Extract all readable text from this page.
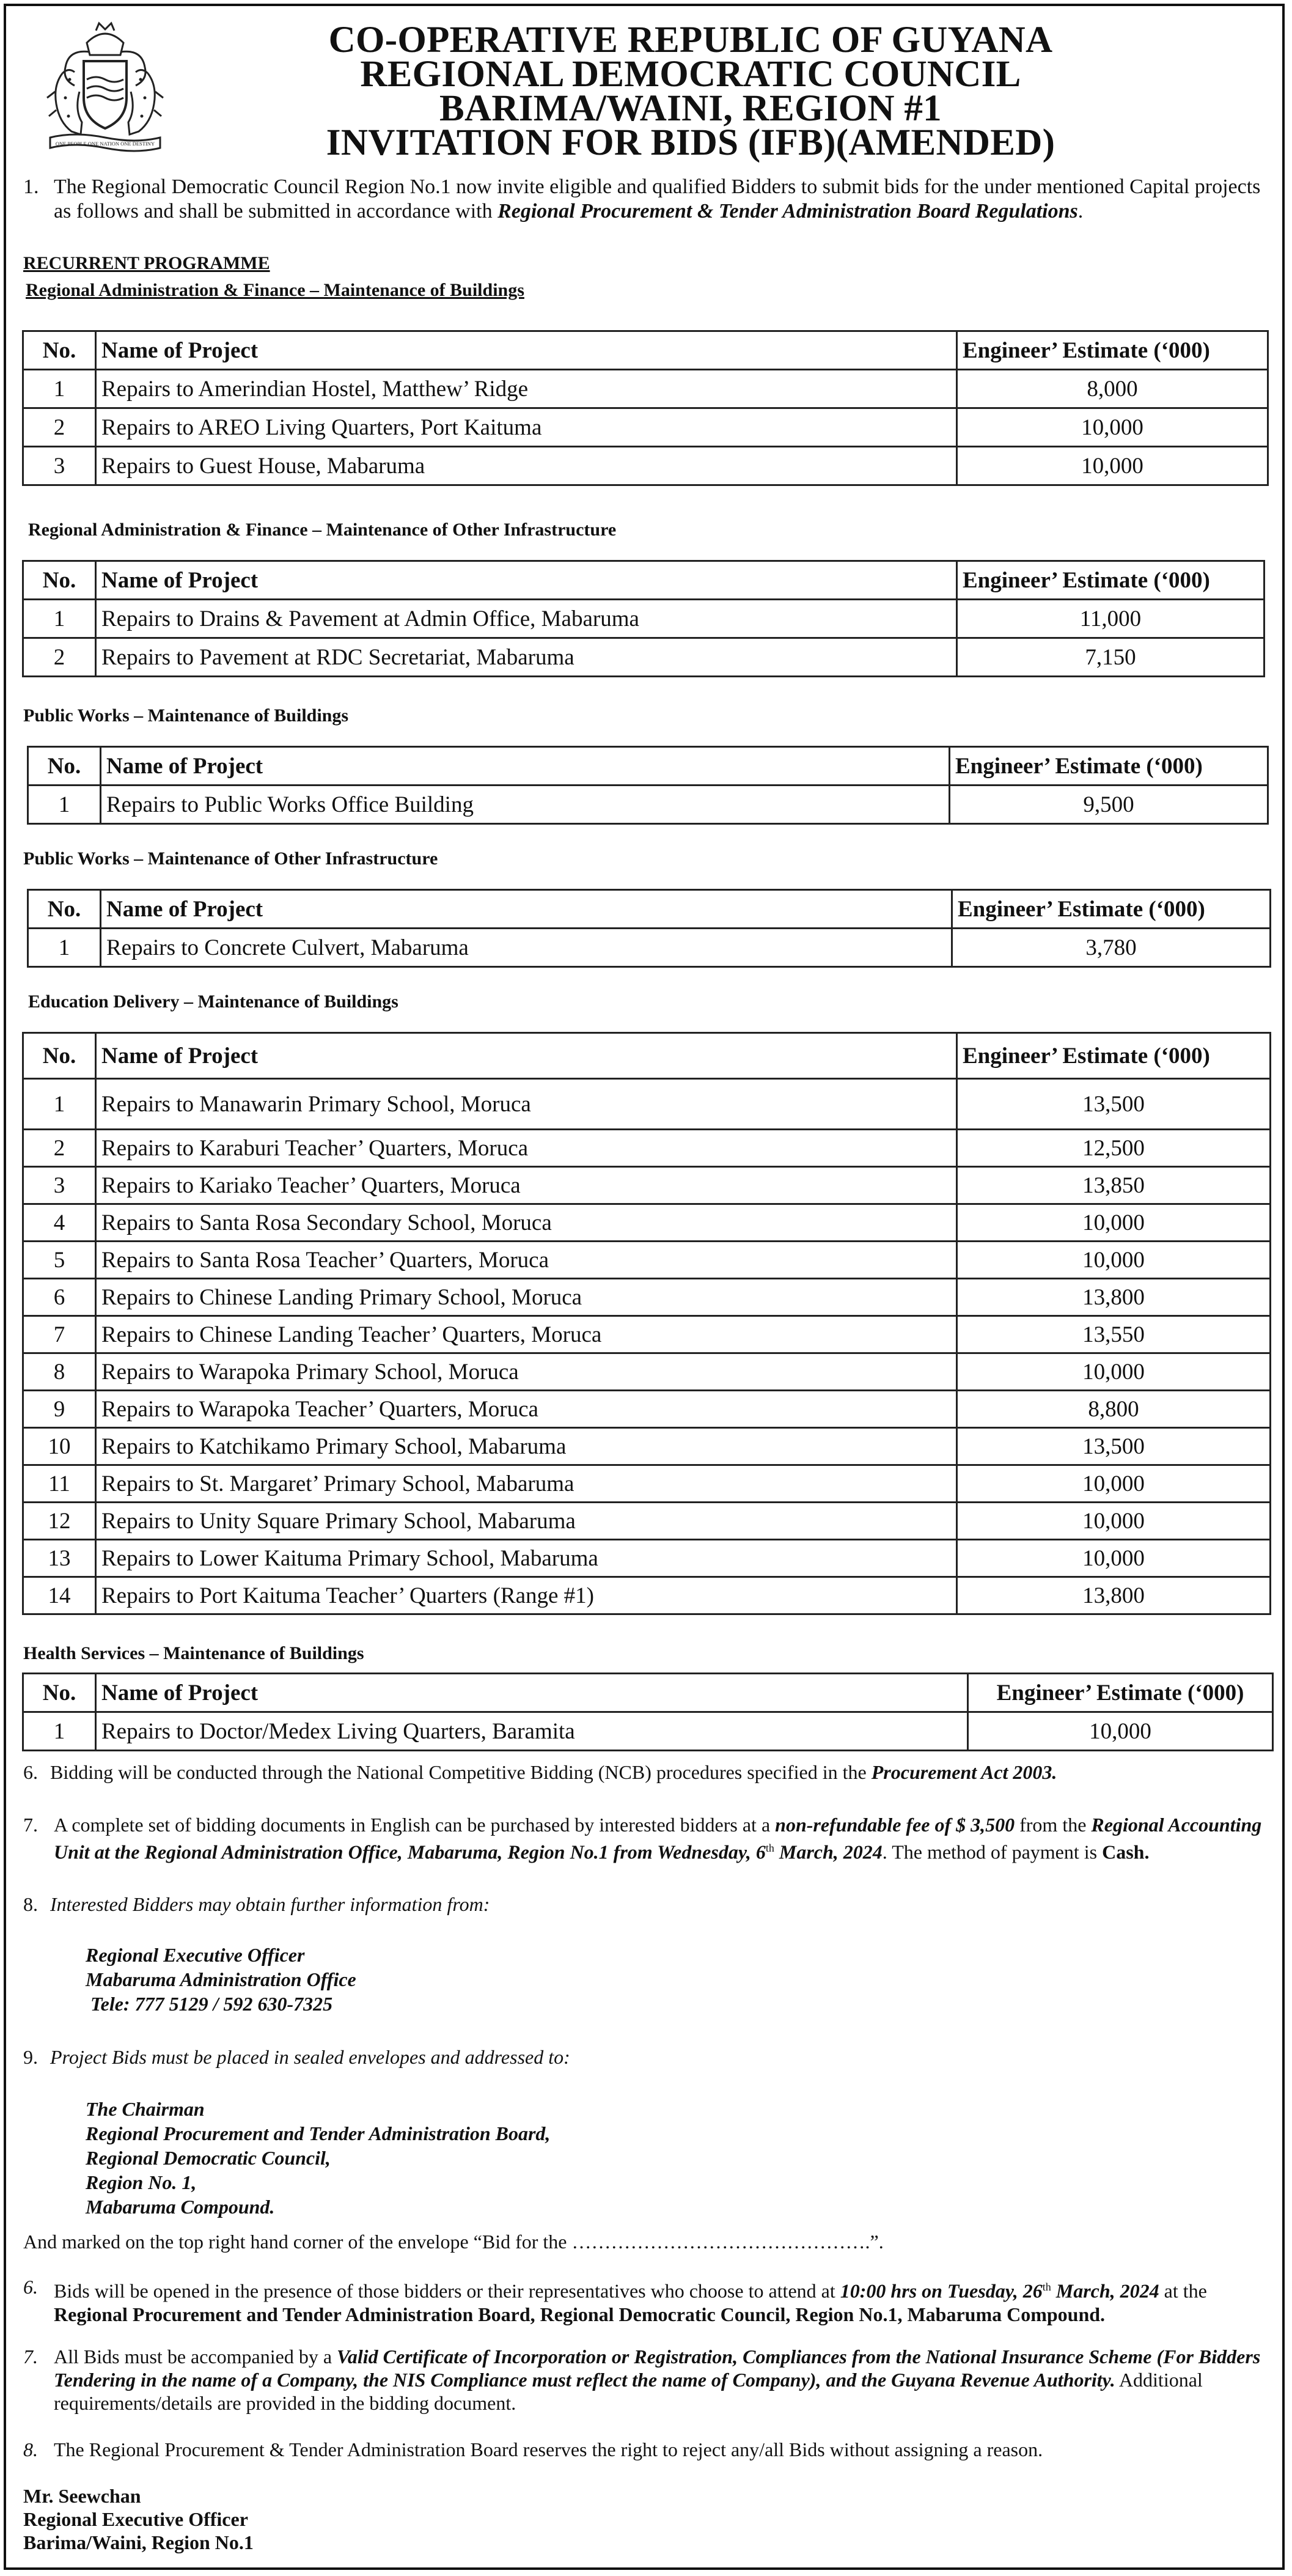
ONE PEOPLE ONE NATION ONE DESTINY
CO-OPERATIVE REPUBLIC OF GUYANA
REGIONAL DEMOCRATIC COUNCIL
BARIMA/WAINI, REGION #1
INVITATION FOR BIDS (IFB)(AMENDED)
1. The Regional Democratic Council Region No.1 now invite eligible and qualified Bidders to submit bids for the under mentioned Capital projects as follows and shall be submitted in accordance with Regional Procurement & Tender Administration Board Regulations.
RECURRENT PROGRAMME
Regional Administration & Finance – Maintenance of Buildings
No.	Name of Project	Engineer’ Estimate (‘000)
1	Repairs to Amerindian Hostel, Matthew’ Ridge	8,000
2	Repairs to AREO Living Quarters, Port Kaituma	10,000
3	Repairs to Guest House, Mabaruma	10,000
Regional Administration & Finance – Maintenance of Other Infrastructure
No.	Name of Project	Engineer’ Estimate (‘000)
1	Repairs to Drains & Pavement at Admin Office, Mabaruma	11,000
2	Repairs to Pavement at RDC Secretariat, Mabaruma	7,150
Public Works – Maintenance of Buildings
No.	Name of Project	Engineer’ Estimate (‘000)
1	Repairs to Public Works Office Building	9,500
Public Works – Maintenance of Other Infrastructure
No.	Name of Project	Engineer’ Estimate (‘000)
1	Repairs to Concrete Culvert, Mabaruma	3,780
Education Delivery – Maintenance of Buildings
No.	Name of Project	Engineer’ Estimate (‘000)
1	Repairs to Manawarin Primary School, Moruca	13,500
2	Repairs to Karaburi Teacher’ Quarters, Moruca	12,500
3	Repairs to Kariako Teacher’ Quarters, Moruca	13,850
4	Repairs to Santa Rosa Secondary School, Moruca	10,000
5	Repairs to Santa Rosa Teacher’ Quarters, Moruca	10,000
6	Repairs to Chinese Landing Primary School, Moruca	13,800
7	Repairs to Chinese Landing Teacher’ Quarters, Moruca	13,550
8	Repairs to Warapoka Primary School, Moruca	10,000
9	Repairs to Warapoka Teacher’ Quarters, Moruca	8,800
10	Repairs to Katchikamo Primary School, Mabaruma	13,500
11	Repairs to St. Margaret’ Primary School, Mabaruma	10,000
12	Repairs to Unity Square Primary School, Mabaruma	10,000
13	Repairs to Lower Kaituma Primary School, Mabaruma	10,000
14	Repairs to Port Kaituma Teacher’ Quarters (Range #1)	13,800
Health Services – Maintenance of Buildings
No.	Name of Project	Engineer’ Estimate (‘000)
1	Repairs to Doctor/Medex Living Quarters, Baramita	10,000
6. Bidding will be conducted through the National Competitive Bidding (NCB) procedures specified in the Procurement Act 2003.
7. A complete set of bidding documents in English can be purchased by interested bidders at a non-refundable fee of $ 3,500 from the Regional Accounting Unit at the Regional Administration Office, Mabaruma, Region No.1 from Wednesday, 6th March, 2024. The method of payment is Cash.
8. Interested Bidders may obtain further information from:
Regional Executive Officer
Mabaruma Administration Office
Tele: 777 5129 / 592 630-7325
9. Project Bids must be placed in sealed envelopes and addressed to:
The Chairman
Regional Procurement and Tender Administration Board,
Regional Democratic Council,
Region No. 1,
Mabaruma Compound.
And marked on the top right hand corner of the envelope “Bid for the ……………………………………….”.
6. Bids will be opened in the presence of those bidders or their representatives who choose to attend at 10:00 hrs on Tuesday, 26th March, 2024 at the Regional Procurement and Tender Administration Board, Regional Democratic Council, Region No.1, Mabaruma Compound.
7. All Bids must be accompanied by a Valid Certificate of Incorporation or Registration, Compliances from the National Insurance Scheme (For Bidders Tendering in the name of a Company, the NIS Compliance must reflect the name of Company), and the Guyana Revenue Authority. Additional requirements/details are provided in the bidding document.
8. The Regional Procurement & Tender Administration Board reserves the right to reject any/all Bids without assigning a reason.
Mr. Seewchan
Regional Executive Officer
Barima/Waini, Region No.1
